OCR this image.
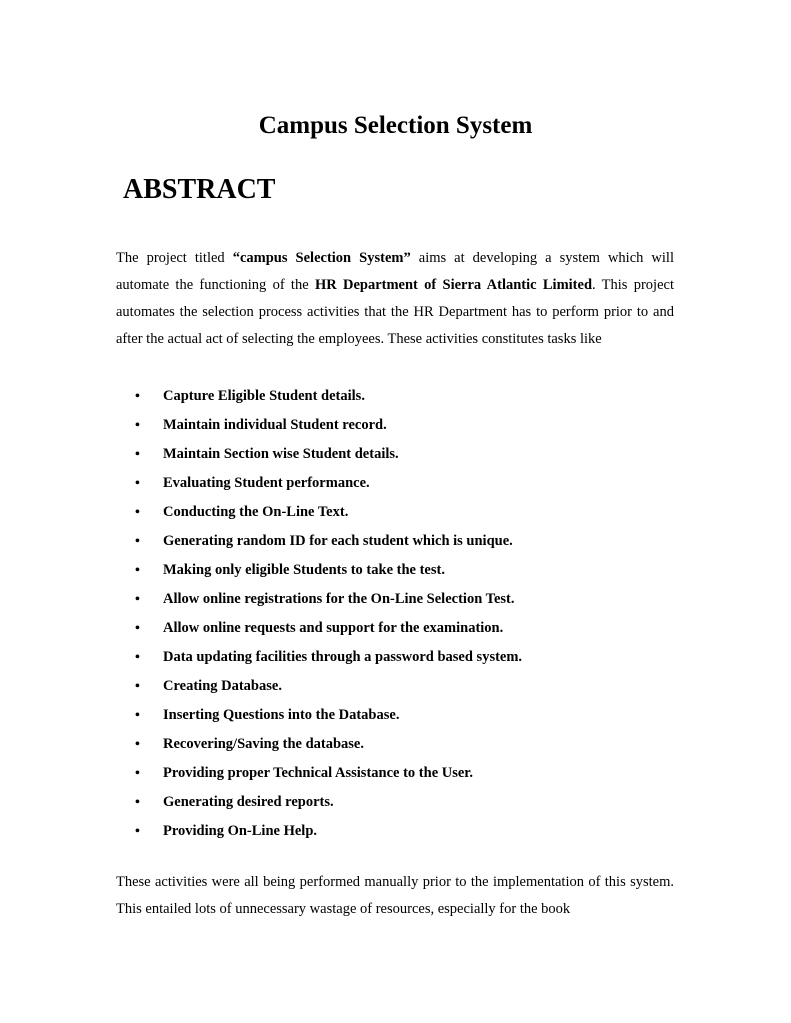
Campus Selection System
ABSTRACT

The project titled “campus Selection System” aims at developing a system which will automate the functioning of the HR Department of Sierra Atlantic Limited. This project automates the selection process activities that the HR Department has to perform prior to and after the actual act of selecting the employees. These activities constitutes tasks like

• Capture Eligible Student details.
• Maintain individual Student record.
• Maintain Section wise Student details.
• Evaluating Student performance.
• Conducting the On-Line Text.
• Generating random ID for each student which is unique.
• Making only eligible Students to take the test.
• Allow online registrations for the On-Line Selection Test.
• Allow online requests and support for the examination.
• Data updating facilities through a password based system.
• Creating Database.
• Inserting Questions into the Database.
• Recovering/Saving the database.
• Providing proper Technical Assistance to the User.
• Generating desired reports.
• Providing On-Line Help.

These activities were all being performed manually prior to the implementation of this system. This entailed lots of unnecessary wastage of resources, especially for the book
